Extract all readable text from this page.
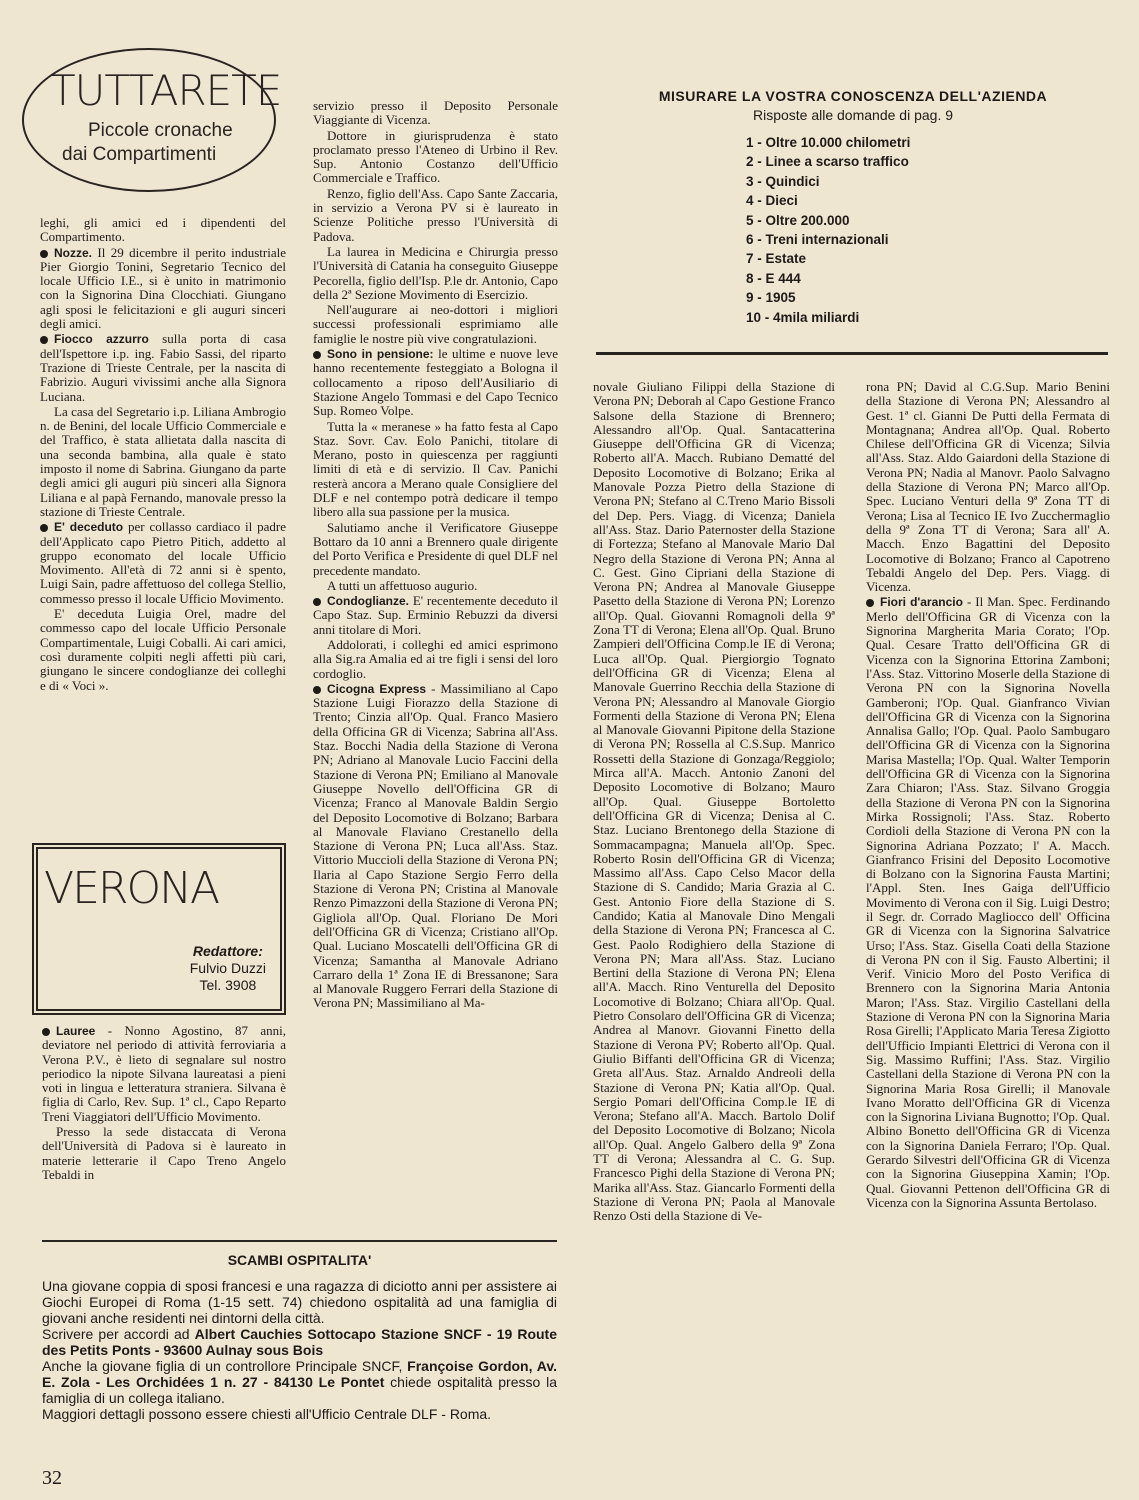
TUTTARETE
Piccole cronache
dai Compartimenti

leghi, gli amici ed i dipendenti del Compartimento.

Nozze. Il 29 dicembre il perito industriale Pier Giorgio Tonini, Segretario Tecnico del locale Ufficio I.E., si è unito in matrimonio con la Signorina Dina Clocchiati. Giungano agli sposi le felicitazioni e gli auguri sinceri degli amici.

Fiocco azzurro sulla porta di casa dell'Ispettore i.p. ing. Fabio Sassi, del riparto Trazione di Trieste Centrale, per la nascita di Fabrizio. Auguri vivissimi anche alla Signora Luciana.

La casa del Segretario i.p. Liliana Ambrogio n. de Benini, del locale Ufficio Commerciale e del Traffico, è stata allietata dalla nascita di una seconda bambina, alla quale è stato imposto il nome di Sabrina. Giungano da parte degli amici gli auguri più sinceri alla Signora Liliana e al papà Fernando, manovale presso la stazione di Trieste Centrale.

E' deceduto per collasso cardiaco il padre dell'Applicato capo Pietro Pitich, addetto al gruppo economato del locale Ufficio Movimento. All'età di 72 anni si è spento, Luigi Sain, padre affettuoso del collega Stellio, commesso presso il locale Ufficio Movimento.

E' deceduta Luigia Orel, madre del commesso capo del locale Ufficio Personale Compartimentale, Luigi Coballi. Ai cari amici, così duramente colpiti negli affetti più cari, giungano le sincere condoglianze dei colleghi e di « Voci ».

VERONA
Redattore:
Fulvio Duzzi
Tel. 3908

Lauree - Nonno Agostino, 87 anni, deviatore nel periodo di attività ferroviaria a Verona P.V., è lieto di segnalare sul nostro periodico la nipote Silvana laureatasi a pieni voti in lingua e letteratura straniera. Silvana è figlia di Carlo, Rev. Sup. 1ª cl., Capo Reparto Treni Viaggiatori dell'Ufficio Movimento.

Presso la sede distaccata di Verona dell'Università di Padova si è laureato in materie letterarie il Capo Treno Angelo Tebaldi in

servizio presso il Deposito Personale Viaggiante di Vicenza.

Dottore in giurisprudenza è stato proclamato presso l'Ateneo di Urbino il Rev. Sup. Antonio Costanzo dell'Ufficio Commerciale e Traffico.

Renzo, figlio dell'Ass. Capo Sante Zaccaria, in servizio a Verona PV si è laureato in Scienze Politiche presso l'Università di Padova.

La laurea in Medicina e Chirurgia presso l'Università di Catania ha conseguito Giuseppe Pecorella, figlio dell'Isp. P.le dr. Antonio, Capo della 2ª Sezione Movimento di Esercizio.

Nell'augurare ai neo-dottori i migliori successi professionali esprimiamo alle famiglie le nostre più vive congratulazioni.

Sono in pensione: le ultime e nuove leve hanno recentemente festeggiato a Bologna il collocamento a riposo dell'Ausiliario di Stazione Angelo Tommasi e del Capo Tecnico Sup. Romeo Volpe.

Tutta la « meranese » ha fatto festa al Capo Staz. Sovr. Cav. Eolo Panichi, titolare di Merano, posto in quiescenza per raggiunti limiti di età e di servizio. Il Cav. Panichi resterà ancora a Merano quale Consigliere del DLF e nel contempo potrà dedicare il tempo libero alla sua passione per la musica.

Salutiamo anche il Verificatore Giuseppe Bottaro da 10 anni a Brennero quale dirigente del Porto Verifica e Presidente di quel DLF nel precedente mandato.

A tutti un affettuoso augurio.

Condoglianze. E' recentemente deceduto il Capo Staz. Sup. Erminio Rebuzzi da diversi anni titolare di Mori.

Addolorati, i colleghi ed amici esprimono alla Sig.ra Amalia ed ai tre figli i sensi del loro cordoglio.

Cicogna Express - Massimiliano al Capo Stazione Luigi Fiorazzo della Stazione di Trento; Cinzia all'Op. Qual. Franco Masiero della Officina GR di Vicenza; Sabrina all'Ass. Staz. Bocchi Nadia della Stazione di Verona PN; Adriano al Manovale Lucio Faccini della Stazione di Verona PN; Emiliano al Manovale Giuseppe Novello dell'Officina GR di Vicenza; Franco al Manovale Baldin Sergio del Deposito Locomotive di Bolzano; Barbara al Manovale Flaviano Crestanello della Stazione di Verona PN; Luca all'Ass. Staz. Vittorio Muccioli della Stazione di Verona PN; Ilaria al Capo Stazione Sergio Ferro della Stazione di Verona PN; Cristina al Manovale Renzo Pimazzoni della Stazione di Verona PN; Gigliola all'Op. Qual. Floriano De Mori dell'Officina GR di Vicenza; Cristiano all'Op. Qual. Luciano Moscatelli dell'Officina GR di Vicenza; Samantha al Manovale Adriano Carraro della 1ª Zona IE di Bressanone; Sara al Manovale Ruggero Ferrari della Stazione di Verona PN; Massimiliano al Ma-

MISURARE LA VOSTRA CONOSCENZA DELL'AZIENDA
Risposte alle domande di pag. 9
1 - Oltre 10.000 chilometri
2 - Linee a scarso traffico
3 - Quindici
4 - Dieci
5 - Oltre 200.000
6 - Treni internazionali
7 - Estate
8 - E 444
9 - 1905
10 - 4mila miliardi

novale Giuliano Filippi della Stazione di Verona PN; Deborah al Capo Gestione Franco Salsone della Stazione di Brennero; Alessandro all'Op. Qual. Santacatterina Giuseppe dell'Officina GR di Vicenza; Roberto all'A. Macch. Rubiano Dematté del Deposito Locomotive di Bolzano; Erika al Manovale Pozza Pietro della Stazione di Verona PN; Stefano al C.Treno Mario Bissoli del Dep. Pers. Viagg. di Vicenza; Daniela all'Ass. Staz. Dario Paternoster della Stazione di Fortezza; Stefano al Manovale Mario Dal Negro della Stazione di Verona PN; Anna al C. Gest. Gino Cipriani della Stazione di Verona PN; Andrea al Manovale Giuseppe Pasetto della Stazione di Verona PN; Lorenzo all'Op. Qual. Giovanni Romagnoli della 9ª Zona TT di Verona; Elena all'Op. Qual. Bruno Zampieri dell'Officina Comp.le IE di Verona; Luca all'Op. Qual. Piergiorgio Tognato dell'Officina GR di Vicenza; Elena al Manovale Guerrino Recchia della Stazione di Verona PN; Alessandro al Manovale Giorgio Formenti della Stazione di Verona PN; Elena al Manovale Giovanni Pipitone della Stazione di Verona PN; Rossella al C.S.Sup. Manrico Rossetti della Stazione di Gonzaga/Reggiolo; Mirca all'A. Macch. Antonio Zanoni del Deposito Locomotive di Bolzano; Mauro all'Op. Qual. Giuseppe Bortoletto dell'Officina GR di Vicenza; Denisa al C. Staz. Luciano Brentonego della Stazione di Sommacampagna; Manuela all'Op. Spec. Roberto Rosin dell'Officina GR di Vicenza; Massimo all'Ass. Capo Celso Macor della Stazione di S. Candido; Maria Grazia al C. Gest. Antonio Fiore della Stazione di S. Candido; Katia al Manovale Dino Mengali della Stazione di Verona PN; Francesca al C. Gest. Paolo Rodighiero della Stazione di Verona PN; Mara all'Ass. Staz. Luciano Bertini della Stazione di Verona PN; Elena all'A. Macch. Rino Venturella del Deposito Locomotive di Bolzano; Chiara all'Op. Qual. Pietro Consolaro dell'Officina GR di Vicenza; Andrea al Manovr. Giovanni Finetto della Stazione di Verona PV; Roberto all'Op. Qual. Giulio Biffanti dell'Officina GR di Vicenza; Greta all'Aus. Staz. Arnaldo Andreoli della Stazione di Verona PN; Katia all'Op. Qual. Sergio Pomari dell'Officina Comp.le IE di Verona; Stefano all'A. Macch. Bartolo Dolif del Deposito Locomotive di Bolzano; Nicola all'Op. Qual. Angelo Galbero della 9ª Zona TT di Verona; Alessandra al C. G. Sup. Francesco Pighi della Stazione di Verona PN; Marika all'Ass. Staz. Giancarlo Formenti della Stazione di Verona PN; Paola al Manovale Renzo Osti della Stazione di Ve-

rona PN; David al C.G.Sup. Mario Benini della Stazione di Verona PN; Alessandro al Gest. 1ª cl. Gianni De Putti della Fermata di Montagnana; Andrea all'Op. Qual. Roberto Chilese dell'Officina GR di Vicenza; Silvia all'Ass. Staz. Aldo Gaiardoni della Stazione di Verona PN; Nadia al Manovr. Paolo Salvagno della Stazione di Verona PN; Marco all'Op. Spec. Luciano Venturi della 9ª Zona TT di Verona; Lisa al Tecnico IE Ivo Zucchermaglio della 9ª Zona TT di Verona; Sara all' A. Macch. Enzo Bagattini del Deposito Locomotive di Bolzano; Franco al Capotreno Tebaldi Angelo del Dep. Pers. Viagg. di Vicenza.

Fiori d'arancio - Il Man. Spec. Ferdinando Merlo dell'Officina GR di Vicenza con la Signorina Margherita Maria Corato; l'Op. Qual. Cesare Tratto dell'Officina GR di Vicenza con la Signorina Ettorina Zamboni; l'Ass. Staz. Vittorino Moserle della Stazione di Verona PN con la Signorina Novella Gamberoni; l'Op. Qual. Gianfranco Vivian dell'Officina GR di Vicenza con la Signorina Annalisa Gallo; l'Op. Qual. Paolo Sambugaro dell'Officina GR di Vicenza con la Signorina Marisa Mastella; l'Op. Qual. Walter Temporin dell'Officina GR di Vicenza con la Signorina Zara Chiaron; l'Ass. Staz. Silvano Groggia della Stazione di Verona PN con la Signorina Mirka Rossignoli; l'Ass. Staz. Roberto Cordioli della Stazione di Verona PN con la Signorina Adriana Pozzato; l' A. Macch. Gianfranco Frisini del Deposito Locomotive di Bolzano con la Signorina Fausta Martini; l'Appl. Sten. Ines Gaiga dell'Ufficio Movimento di Verona con il Sig. Luigi Destro; il Segr. dr. Corrado Magliocco dell' Officina GR di Vicenza con la Signorina Salvatrice Urso; l'Ass. Staz. Gisella Coati della Stazione di Verona PN con il Sig. Fausto Albertini; il Verif. Vinicio Moro del Posto Verifica di Brennero con la Signorina Maria Antonia Maron; l'Ass. Staz. Virgilio Castellani della Stazione di Verona PN con la Signorina Maria Rosa Girelli; l'Applicato Maria Teresa Zigiotto dell'Ufficio Impianti Elettrici di Verona con il Sig. Massimo Ruffini; l'Ass. Staz. Virgilio Castellani della Stazione di Verona PN con la Signorina Maria Rosa Girelli; il Manovale Ivano Moratto dell'Officina GR di Vicenza con la Signorina Liviana Bugnotto; l'Op. Qual. Albino Bonetto dell'Officina GR di Vicenza con la Signorina Daniela Ferraro; l'Op. Qual. Gerardo Silvestri dell'Officina GR di Vicenza con la Signorina Giuseppina Xamin; l'Op. Qual. Giovanni Pettenon dell'Officina GR di Vicenza con la Signorina Assunta Bertolaso.

SCAMBI OSPITALITA'

Una giovane coppia di sposi francesi e una ragazza di diciotto anni per assistere ai Giochi Europei di Roma (1-15 sett. 74) chiedono ospitalità ad una famiglia di giovani anche residenti nei dintorni della città.

Scrivere per accordi ad Albert Cauchies Sottocapo Stazione SNCF - 19 Route des Petits Ponts - 93600 Aulnay sous Bois

Anche la giovane figlia di un controllore Principale SNCF, Françoise Gordon, Av. E. Zola - Les Orchidées 1 n. 27 - 84130 Le Pontet chiede ospitalità presso la famiglia di un collega italiano.

Maggiori dettagli possono essere chiesti all'Ufficio Centrale DLF - Roma.

32
